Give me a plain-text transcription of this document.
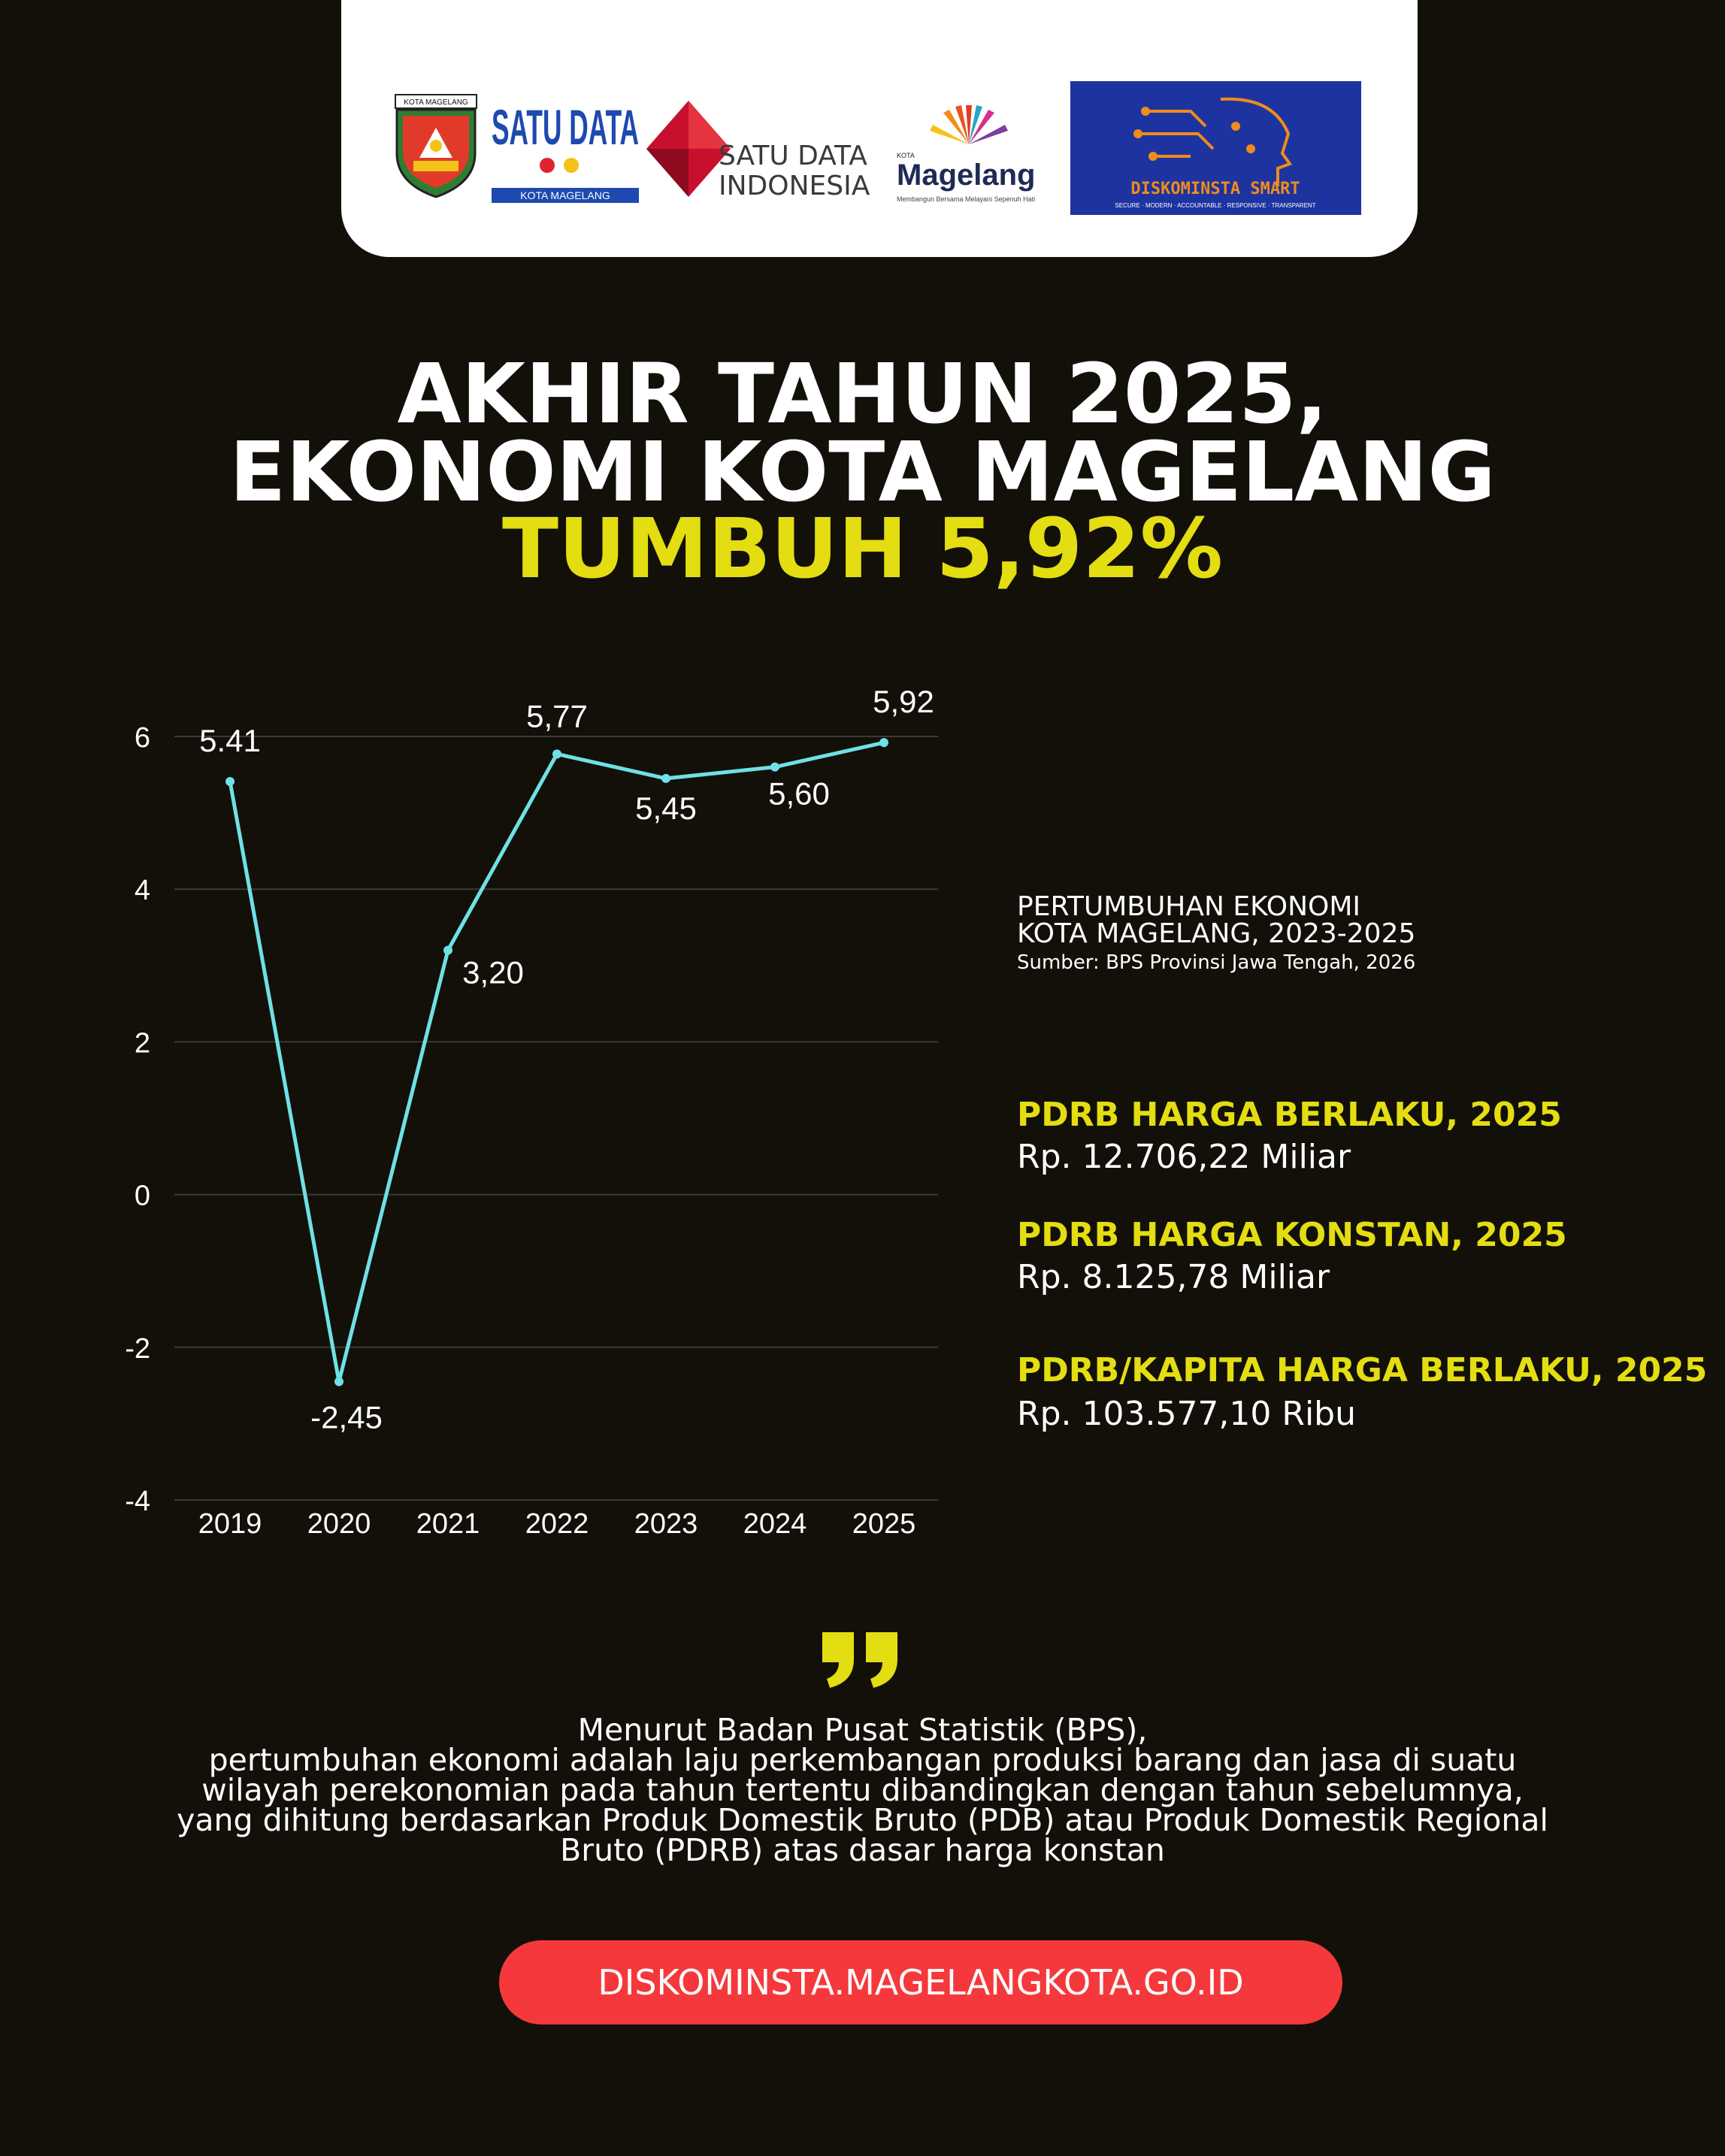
KOTA MAGELANG SATU DATA
KOTA MAGELANG
SATU DATA
INDONESIA
KOTA
Magelang
Membangun Bersama Melayani Sepenuh Hati
DISKOMINSTA SMART
SECURE · MODERN · ACCOUNTABLE · RESPONSIVE · TRANSPARENT
AKHIR TAHUN 2025,
EKONOMI KOTA MAGELANG
TUMBUH 5,92%
6
4
2
0
-2
-4
2019 2020 2021 2022 2023 2024 2025
5.41
-2,45
3,20
5,77
5,45 5,60
5,92
PERTUMBUHAN EKONOMI
KOTA MAGELANG, 2023-2025
Sumber: BPS Provinsi Jawa Tengah, 2026
PDRB HARGA BERLAKU, 2025
Rp. 12.706,22 Miliar
PDRB HARGA KONSTAN, 2025
Rp. 8.125,78 Miliar
PDRB/KAPITA HARGA BERLAKU, 2025
Rp. 103.577,10 Ribu
Menurut Badan Pusat Statistik (BPS),
pertumbuhan ekonomi adalah laju perkembangan produksi barang dan jasa di suatu
wilayah perekonomian pada tahun tertentu dibandingkan dengan tahun sebelumnya,
yang dihitung berdasarkan Produk Domestik Bruto (PDB) atau Produk Domestik Regional
Bruto (PDRB) atas dasar harga konstan
DISKOMINSTA.MAGELANGKOTA.GO.ID
